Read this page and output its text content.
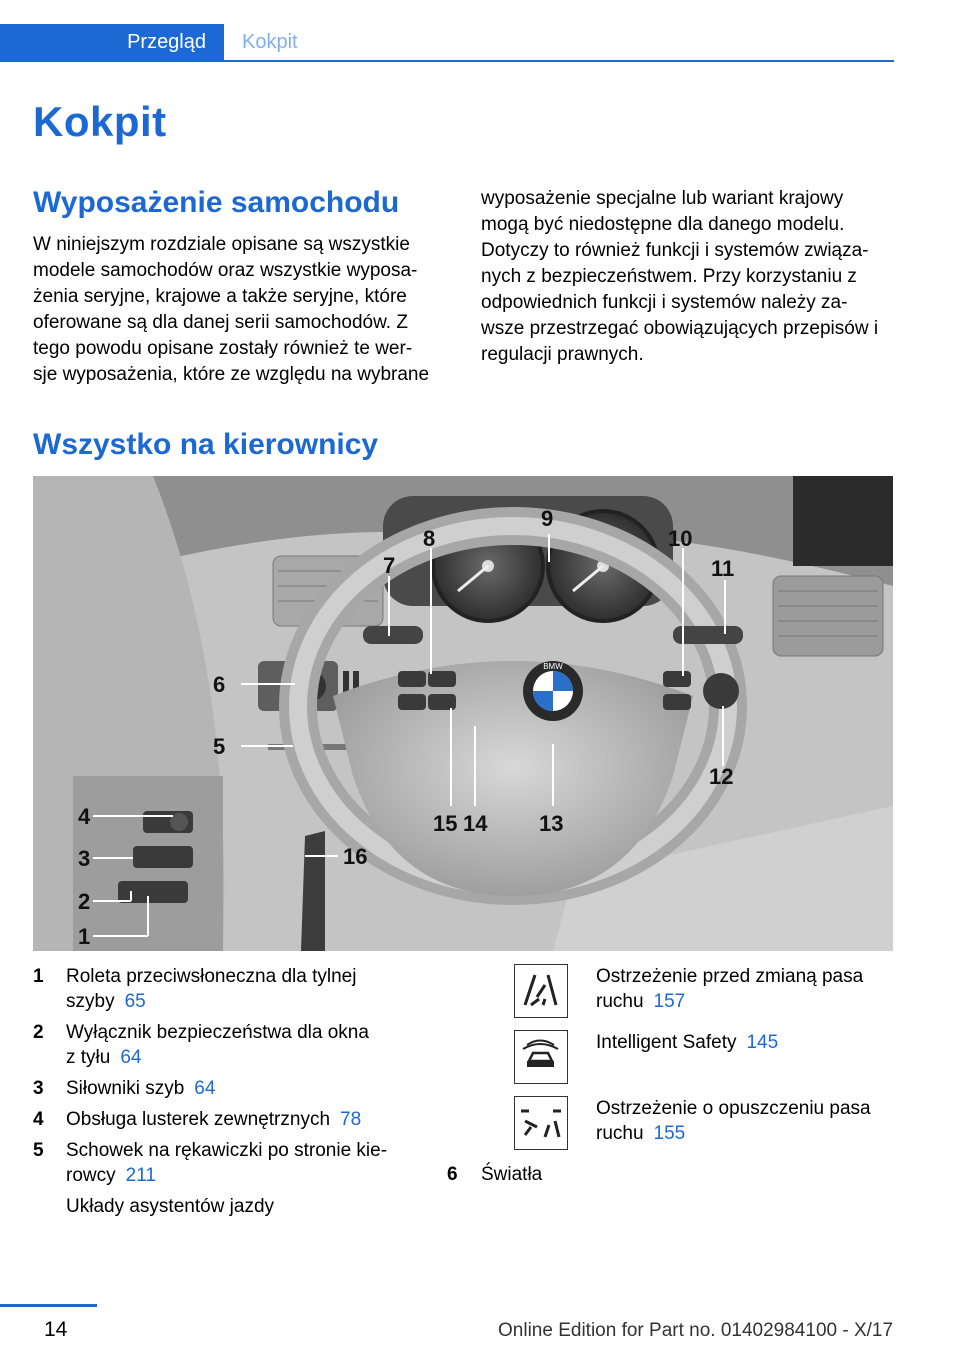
Przegląd	Kokpit
Kokpit
Wyposażenie samochodu
W niniejszym rozdziale opisane są wszystkie
modele samochodów oraz wszystkie wyposa‐
żenia seryjne, krajowe a także seryjne, które
oferowane są dla danej serii samochodów. Z
tego powodu opisane zostały również te wer‐
sje wyposażenia, które ze względu na wybrane
wyposażenie specjalne lub wariant krajowy
mogą być niedostępne dla danego modelu.
Dotyczy to również funkcji i systemów związa‐
nych z bezpieczeństwem. Przy korzystaniu z
odpowiednich funkcji i systemów należy za‐
wsze przestrzegać obowiązujących przepisów i
regulacji prawnych.
Wszystko na kierownicy
BMW
1
2
3
4
5
6
7
8
9
10
11
12
13
14
15
16
1 Roleta przeciwsłoneczna dla tylnej
szyby 65
2 Wyłącznik bezpieczeństwa dla okna
z tyłu 64
3 Siłowniki szyb 64
4 Obsługa lusterek zewnętrznych 78
5 Schowek na rękawiczki po stronie kie‐
rowcy 211
Układy asystentów jazdy
Ostrzeżenie przed zmianą pasa
ruchu 157
Intelligent Safety 145
Ostrzeżenie o opuszczeniu pasa
ruchu 155
6 Światła
14	Online Edition for Part no. 01402984100 - X/17
